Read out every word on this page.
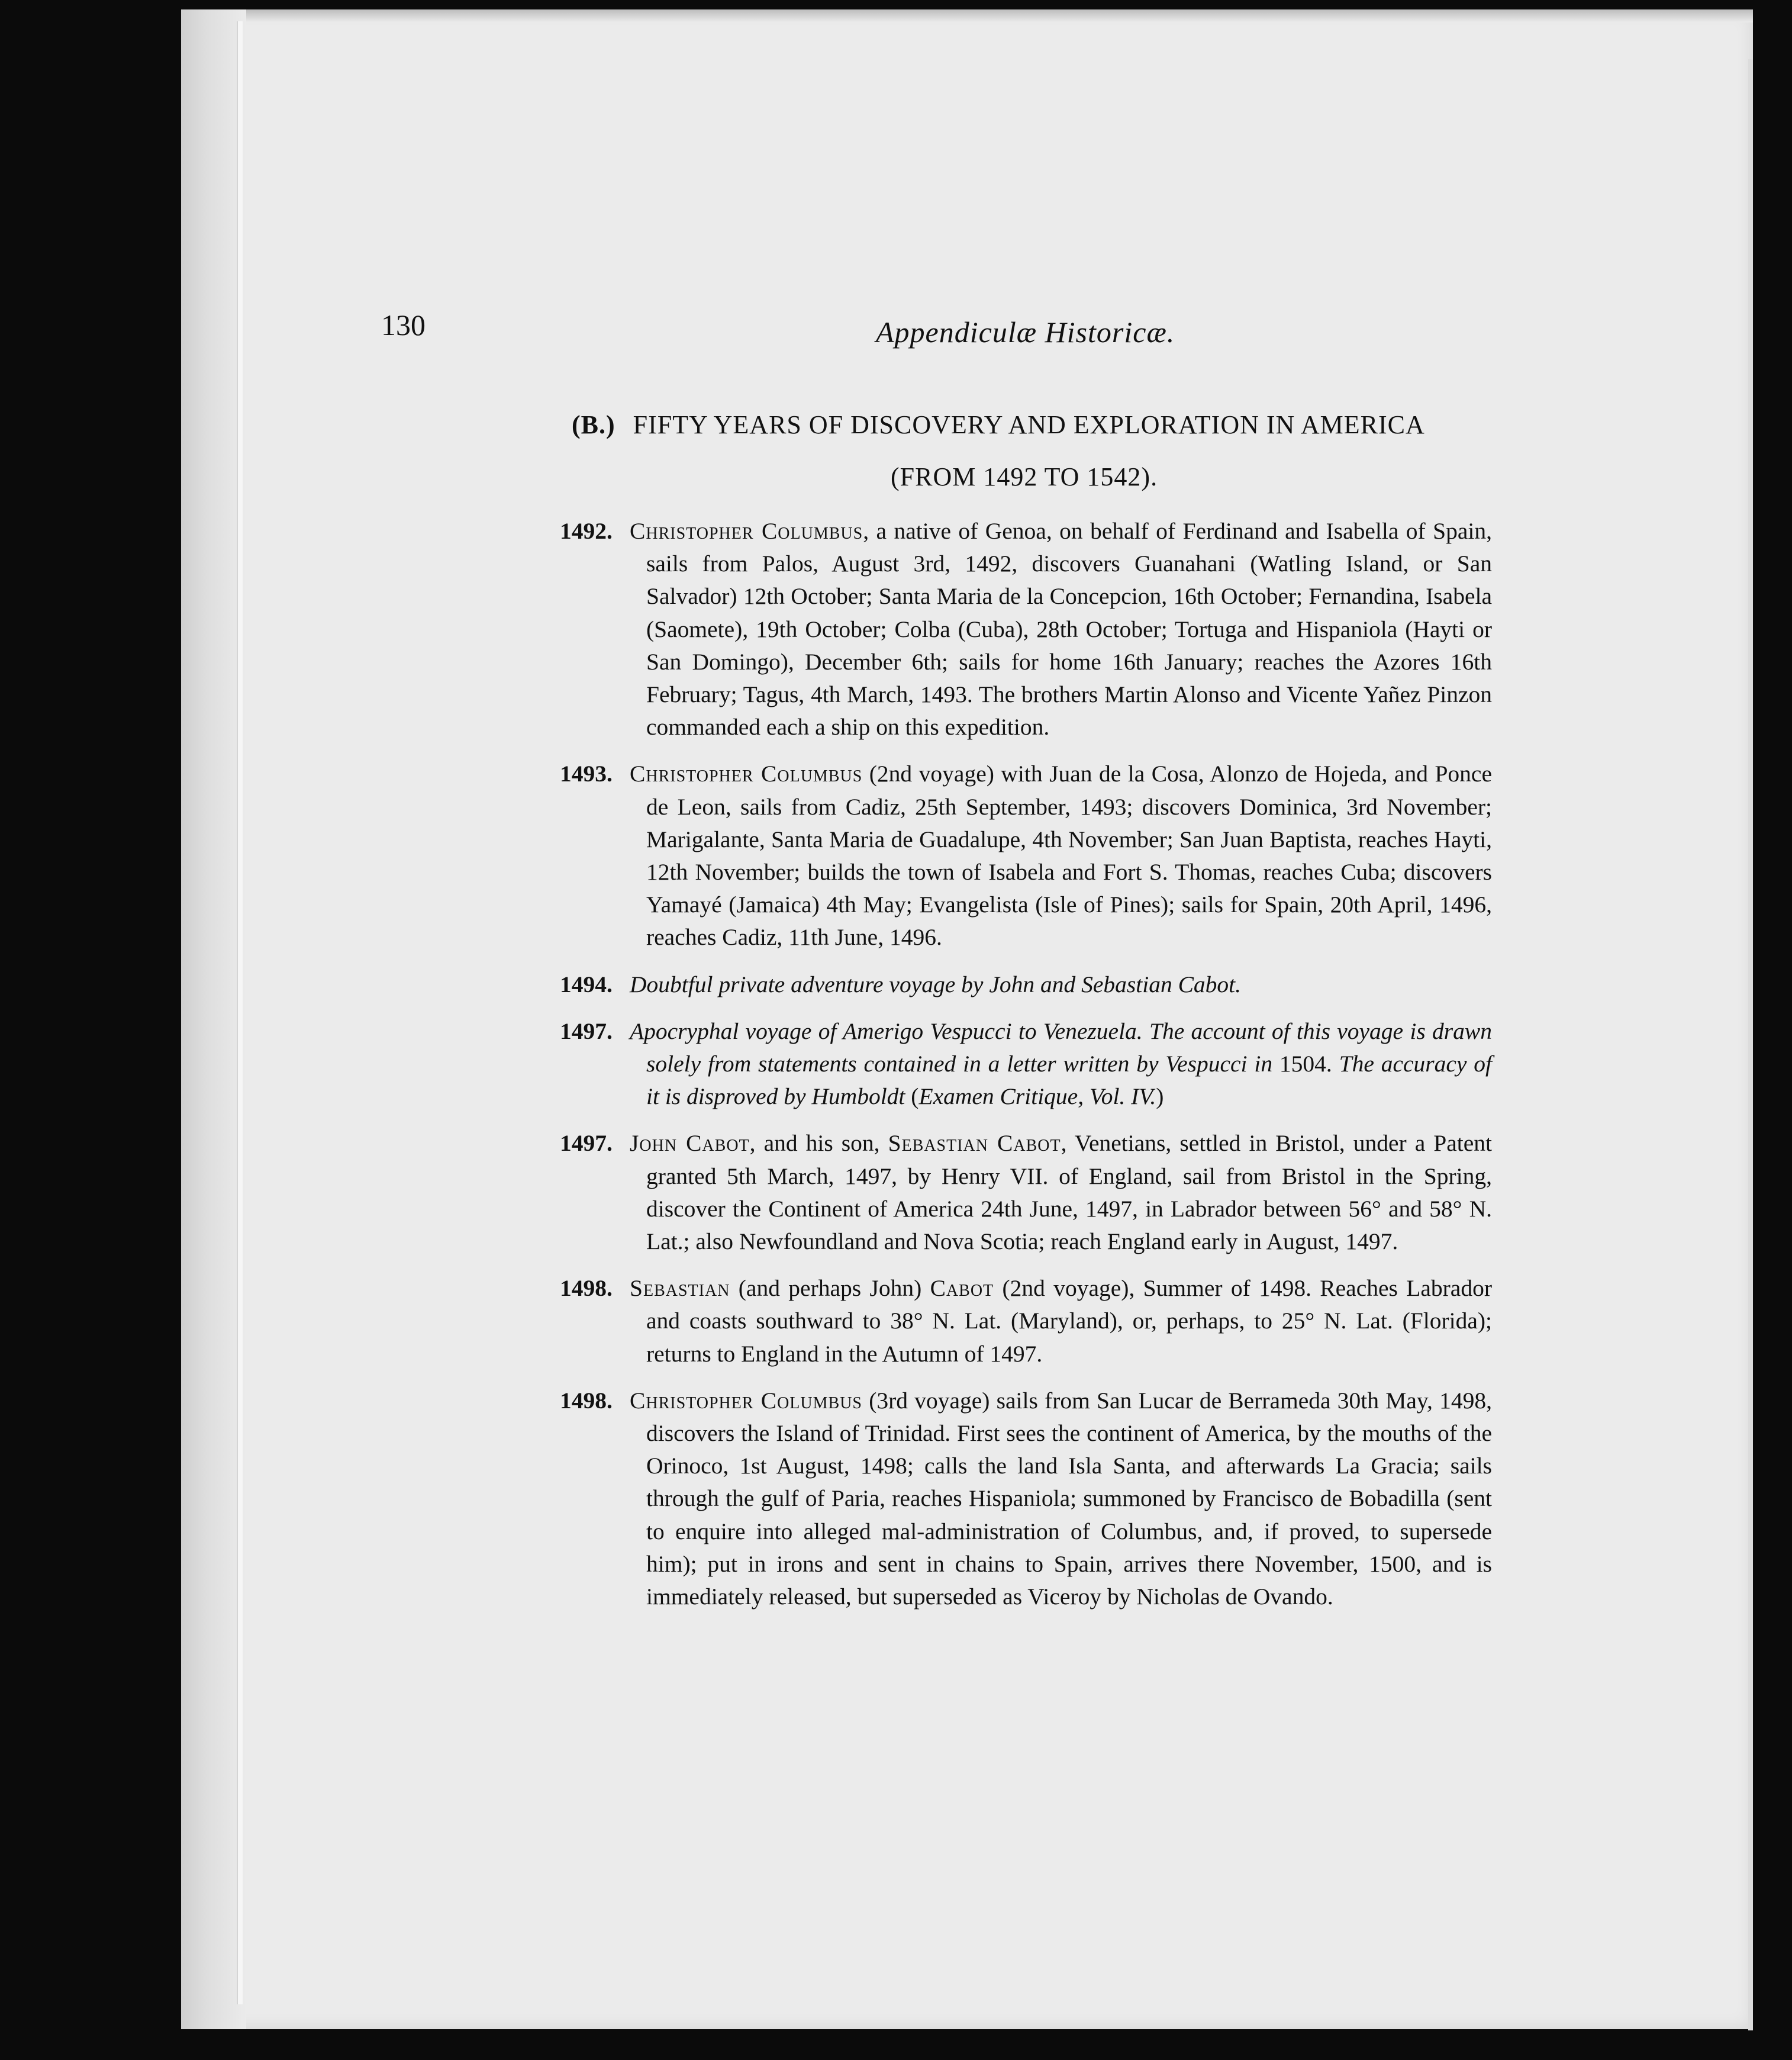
130	Appendiculæ Historicæ.
(B.) FIFTY YEARS OF DISCOVERY AND EXPLORATION IN AMERICA
(FROM 1492 TO 1542).
1492. Christopher Columbus, a native of Genoa, on behalf of Ferdinand and Isabella of Spain, sails from Palos, August 3rd, 1492, discovers Guanahani (Watling Island, or San Salvador) 12th October; Santa Maria de la Concepcion, 16th October; Fernandina, Isabela (Saomete), 19th October; Colba (Cuba), 28th October; Tortuga and Hispaniola (Hayti or San Domingo), December 6th; sails for home 16th January; reaches the Azores 16th February; Tagus, 4th March, 1493. The brothers Martin Alonso and Vicente Yañez Pinzon commanded each a ship on this expedition.
1493. Christopher Columbus (2nd voyage) with Juan de la Cosa, Alonzo de Hojeda, and Ponce de Leon, sails from Cadiz, 25th September, 1493; discovers Dominica, 3rd November; Marigalante, Santa Maria de Guadalupe, 4th November; San Juan Baptista, reaches Hayti, 12th November; builds the town of Isabela and Fort S. Thomas, reaches Cuba; discovers Yamayé (Jamaica) 4th May; Evangelista (Isle of Pines); sails for Spain, 20th April, 1496, reaches Cadiz, 11th June, 1496.
1494. Doubtful private adventure voyage by John and Sebastian Cabot.
1497. Apocryphal voyage of Amerigo Vespucci to Venezuela. The account of this voyage is drawn solely from statements contained in a letter written by Vespucci in 1504. The accuracy of it is disproved by Humboldt (Examen Critique, Vol. IV.)
1497. John Cabot, and his son, Sebastian Cabot, Venetians, settled in Bristol, under a Patent granted 5th March, 1497, by Henry VII. of England, sail from Bristol in the Spring, discover the Continent of America 24th June, 1497, in Labrador between 56° and 58° N. Lat.; also Newfoundland and Nova Scotia; reach England early in August, 1497.
1498. Sebastian (and perhaps John) Cabot (2nd voyage), Summer of 1498. Reaches Labrador and coasts southward to 38° N. Lat. (Maryland), or, perhaps, to 25° N. Lat. (Florida); returns to England in the Autumn of 1497.
1498. Christopher Columbus (3rd voyage) sails from San Lucar de Berrameda 30th May, 1498, discovers the Island of Trinidad. First sees the continent of America, by the mouths of the Orinoco, 1st August, 1498; calls the land Isla Santa, and afterwards La Gracia; sails through the gulf of Paria, reaches Hispaniola; summoned by Francisco de Bobadilla (sent to enquire into alleged mal-administration of Columbus, and, if proved, to supersede him); put in irons and sent in chains to Spain, arrives there November, 1500, and is immediately released, but superseded as Viceroy by Nicholas de Ovando.
